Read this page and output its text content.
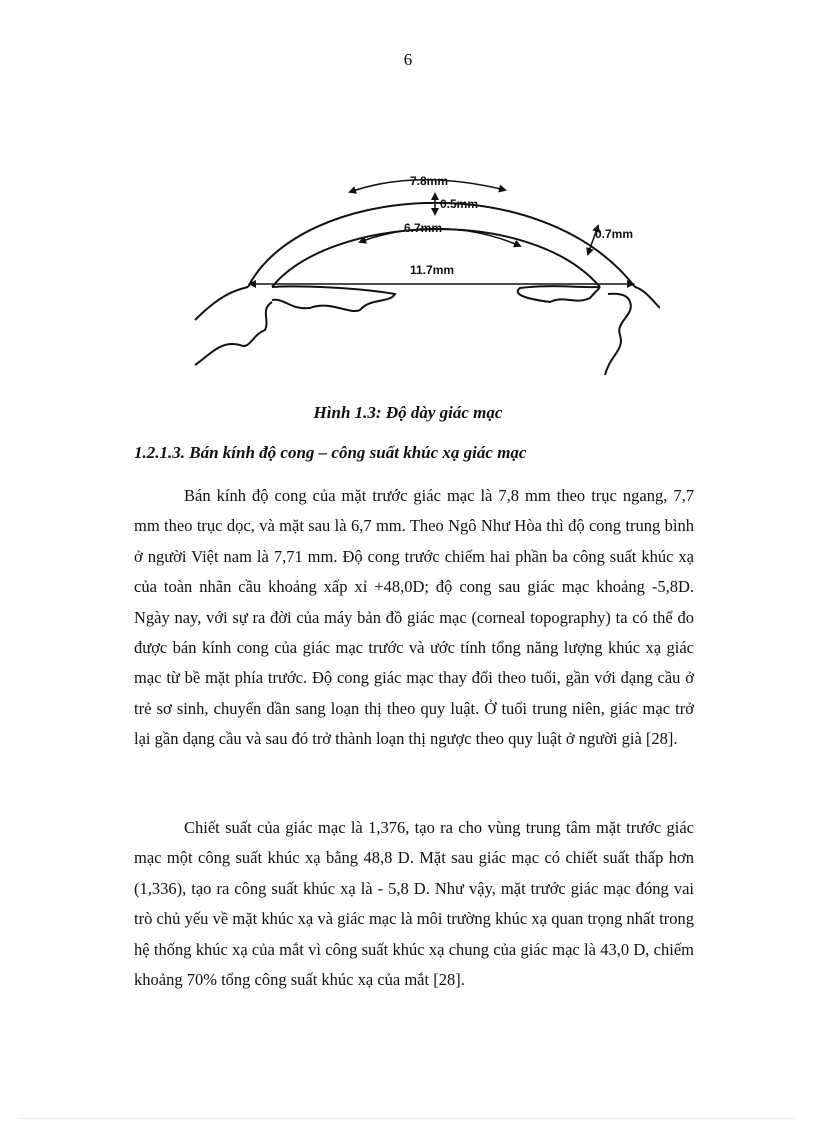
6
7.8mm
0.5mm
6.7mm	0.7mm
11.7mm
Hình 1.3: Độ dày giác mạc
1.2.1.3. Bán kính độ cong – công suất khúc xạ giác mạc

Bán kính độ cong của mặt trước giác mạc là 7,8 mm theo trục ngang, 7,7 mm theo trục dọc, và mặt sau là 6,7 mm. Theo Ngô Như Hòa thì độ cong trung bình ở người Việt nam là 7,71 mm. Độ cong trước chiếm hai phần ba công suất khúc xạ của toàn nhãn cầu khoảng xấp xỉ +48,0D; độ cong sau giác mạc khoảng -5,8D. Ngày nay, với sự ra đời của máy bản đồ giác mạc (corneal topography) ta có thể đo được bán kính cong của giác mạc trước và ước tính tổng năng lượng khúc xạ giác mạc từ bề mặt phía trước. Độ cong giác mạc thay đổi theo tuổi, gần với dạng cầu ở trẻ sơ sinh, chuyển dần sang loạn thị theo quy luật. Ở tuổi trung niên, giác mạc trở lại gần dạng cầu và sau đó trở thành loạn thị ngược theo quy luật ở người già [28].

Chiết suất của giác mạc là 1,376, tạo ra cho vùng trung tâm mặt trước giác mạc một công suất khúc xạ bằng 48,8 D. Mặt sau giác mạc có chiết suất thấp hơn (1,336), tạo ra công suất khúc xạ là - 5,8 D. Như vậy, mặt trước giác mạc đóng vai trò chủ yếu về mặt khúc xạ và giác mạc là môi trường khúc xạ quan trọng nhất trong hệ thống khúc xạ của mắt vì công suất khúc xạ chung của giác mạc là 43,0 D, chiếm khoảng 70% tổng công suất khúc xạ của mắt [28].
